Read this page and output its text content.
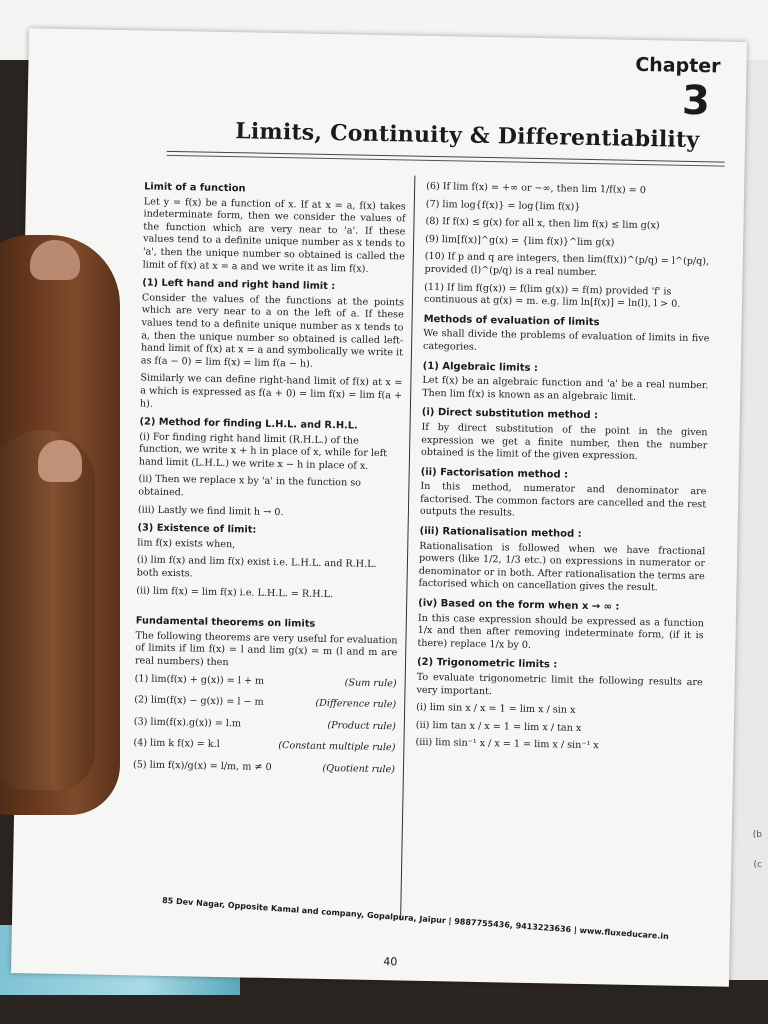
(b
(c
Chapter
3
Limits, Continuity & Differentiability
Limit of a function
Let y = f(x) be a function of x. If at x = a, f(x) takes indeterminate form, then we consider the values of the function which are very near to 'a'. If these values tend to a definite unique number as x tends to 'a', then the unique number so obtained is called the limit of f(x) at x = a and we write it as lim f(x).
(1) Left hand and right hand limit :
Consider the values of the functions at the points which are very near to a on the left of a. If these values tend to a definite unique number as x tends to a, then the unique number so obtained is called left-hand limit of f(x) at x = a and symbolically we write it as f(a − 0) = lim f(x) = lim f(a − h).
Similarly we can define right-hand limit of f(x) at x = a which is expressed as f(a + 0) = lim f(x) = lim f(a + h).
(2) Method for finding L.H.L. and R.H.L.
(i) For finding right hand limit (R.H.L.) of the function, we write x + h in place of x, while for left hand limit (L.H.L.) we write x − h in place of x.
(ii) Then we replace x by 'a' in the function so obtained.
(iii) Lastly we find limit h → 0.
(3) Existence of limit:
lim f(x) exists when,
(i) lim f(x) and lim f(x) exist i.e. L.H.L. and R.H.L. both exists.
(ii) lim f(x) = lim f(x) i.e. L.H.L. = R.H.L.
Fundamental theorems on limits
The following theorems are very useful for evaluation of limits if lim f(x) = l and lim g(x) = m (l and m are real numbers) then
(1) lim(f(x) + g(x)) = l + m	(Sum rule)
(2) lim(f(x) − g(x)) = l − m	(Difference rule)
(3) lim(f(x).g(x)) = l.m	(Product rule)
(4) lim k f(x) = k.l	(Constant multiple rule)
(5) lim f(x)/g(x) = l/m, m ≠ 0	(Quotient rule)
(6) If lim f(x) = +∞ or −∞, then lim 1/f(x) = 0
(7) lim log{f(x)} = log{lim f(x)}
(8) If f(x) ≤ g(x) for all x, then lim f(x) ≤ lim g(x)
(9) lim[f(x)]^g(x) = {lim f(x)}^lim g(x)
(10) If p and q are integers, then lim(f(x))^(p/q) = l^(p/q), provided (l)^(p/q) is a real number.
(11) If lim f(g(x)) = f(lim g(x)) = f(m) provided 'f' is continuous at g(x) = m. e.g. lim ln[f(x)] = ln(l), l > 0.
Methods of evaluation of limits
We shall divide the problems of evaluation of limits in five categories.
(1) Algebraic limits :
Let f(x) be an algebraic function and 'a' be a real number. Then lim f(x) is known as an algebraic limit.
(i) Direct substitution method :
If by direct substitution of the point in the given expression we get a finite number, then the number obtained is the limit of the given expression.
(ii) Factorisation method :
In this method, numerator and denominator are factorised. The common factors are cancelled and the rest outputs the results.
(iii) Rationalisation method :
Rationalisation is followed when we have fractional powers (like 1/2, 1/3 etc.) on expressions in numerator or denominator or in both. After rationalisation the terms are factorised which on cancellation gives the result.
(iv) Based on the form when x → ∞ :
In this case expression should be expressed as a function 1/x and then after removing indeterminate form, (if it is there) replace 1/x by 0.
(2) Trigonometric limits :
To evaluate trigonometric limit the following results are very important.
(i) lim sin x / x = 1 = lim x / sin x
(ii) lim tan x / x = 1 = lim x / tan x
(iii) lim sin⁻¹ x / x = 1 = lim x / sin⁻¹ x
85 Dev Nagar, Opposite Kamal and company, Gopalpura, Jaipur | 9887755436, 9413223636 | www.fluxeducare.in
40
